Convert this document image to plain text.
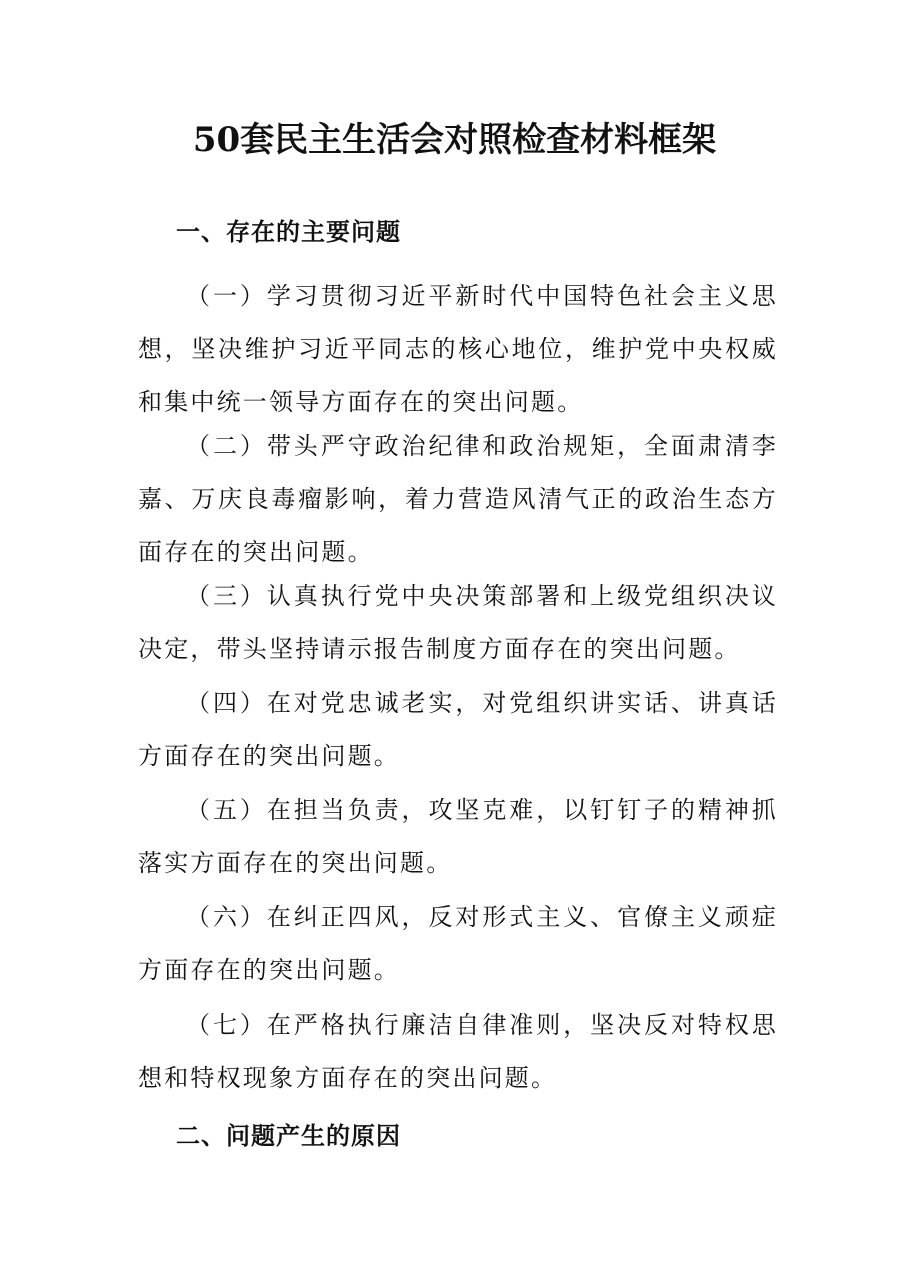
50套民主生活会对照检查材料框架
一、存在的主要问题
（一）学习贯彻习近平新时代中国特色社会主义思想，坚决维护习近平同志的核心地位，维护党中央权威和集中统一领导方面存在的突出问题。
（二）带头严守政治纪律和政治规矩，全面肃清李嘉、万庆良毒瘤影响，着力营造风清气正的政治生态方面存在的突出问题。
（三）认真执行党中央决策部署和上级党组织决议决定，带头坚持请示报告制度方面存在的突出问题。
（四）在对党忠诚老实，对党组织讲实话、讲真话方面存在的突出问题。
（五）在担当负责，攻坚克难，以钉钉子的精神抓落实方面存在的突出问题。
（六）在纠正四风，反对形式主义、官僚主义顽症方面存在的突出问题。
（七）在严格执行廉洁自律准则，坚决反对特权思想和特权现象方面存在的突出问题。
二、问题产生的原因
